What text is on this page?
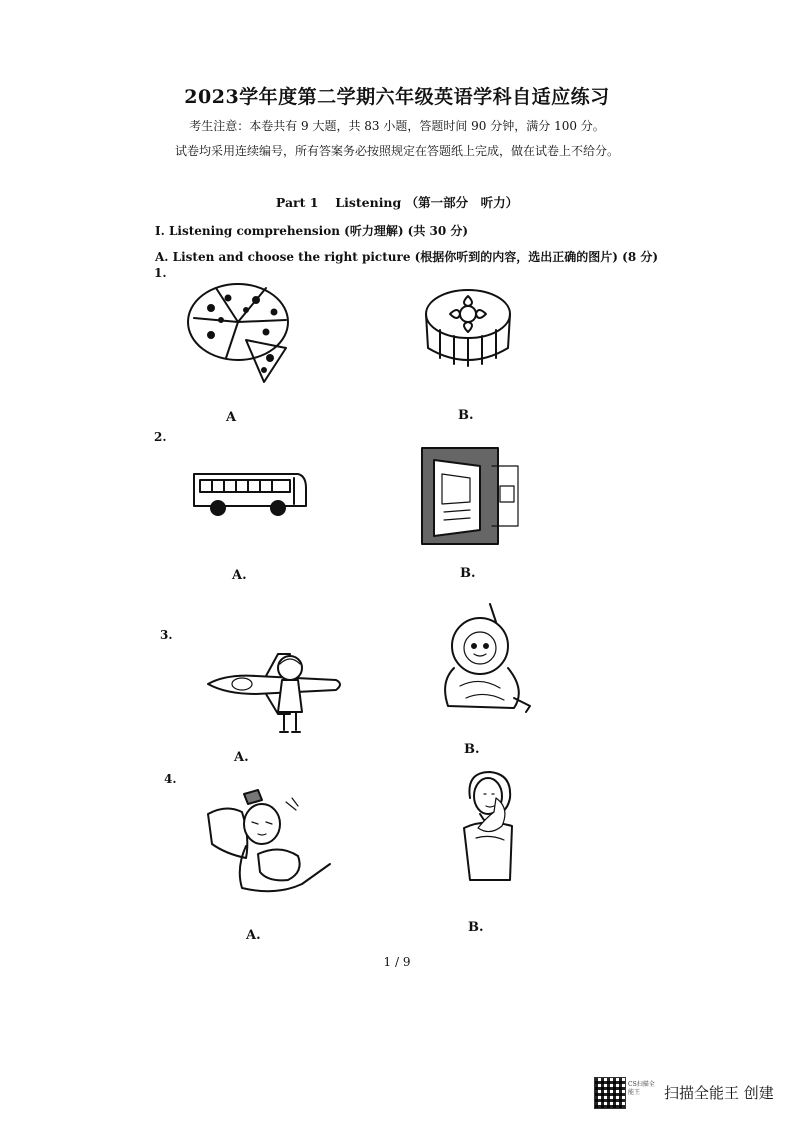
2023学年度第二学期六年级英语学科自适应练习
考生注意：本卷共有 9 大题，共 83 小题，答题时间 90 分钟，满分 100 分。
试卷均采用连续编号，所有答案务必按照规定在答题纸上完成，做在试卷上不给分。
Part 1　 Listening （第一部分　听力）
I. Listening comprehension (听力理解) (共 30 分)
A. Listen and choose the right picture (根据你听到的内容，选出正确的图片) (8 分)
1.
A	B.
2.
A.	B.
3.
A.
B.
4.
A.
B.
1 / 9
CS扫描全能王	扫描全能王 创建
